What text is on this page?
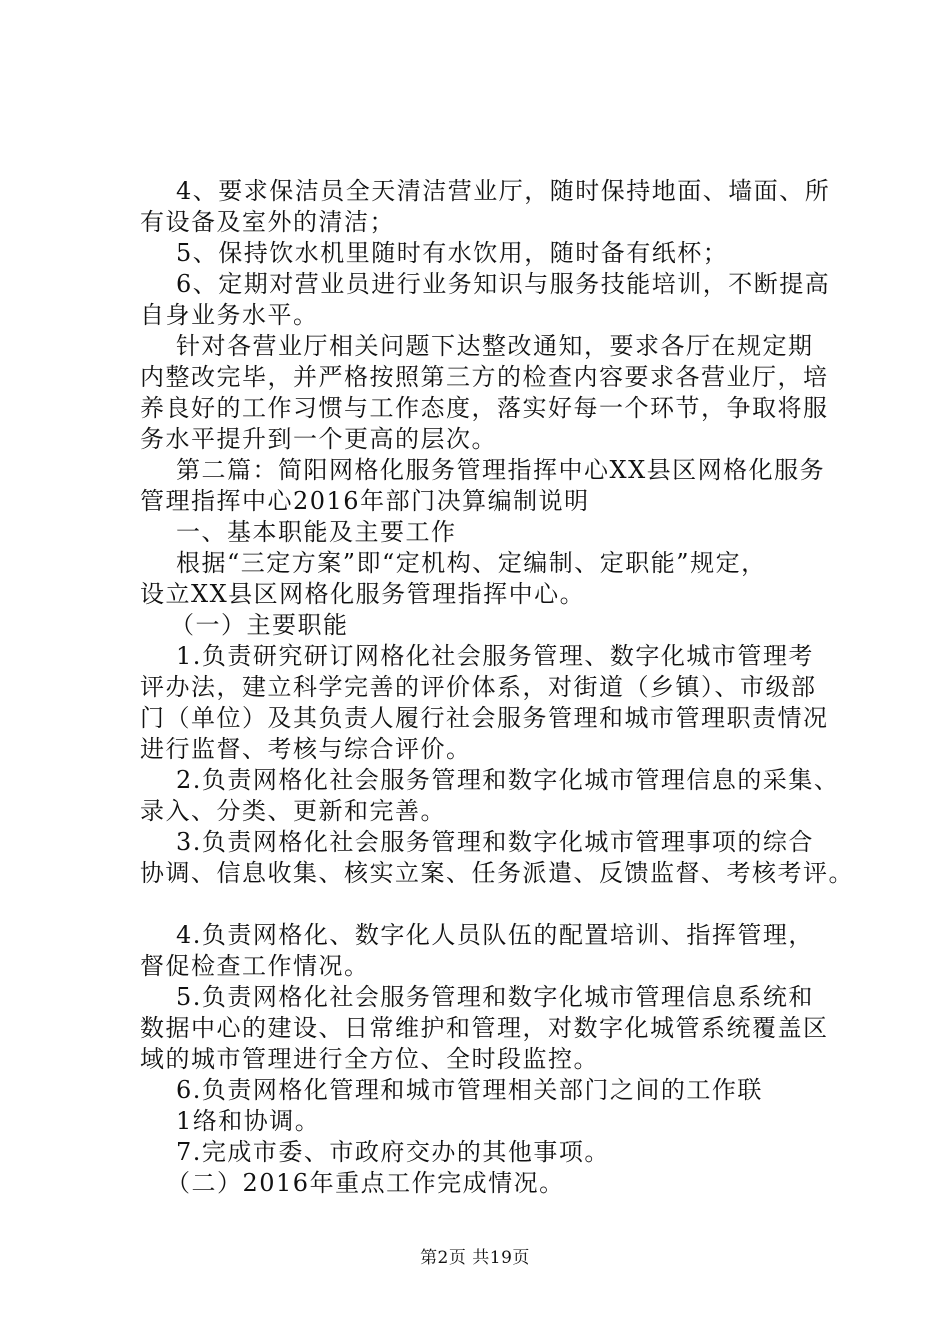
4、要求保洁员全天清洁营业厅，随时保持地面、墙面、所

有设备及室外的清洁；

5、保持饮水机里随时有水饮用，随时备有纸杯；

6、定期对营业员进行业务知识与服务技能培训，不断提高

自身业务水平。

针对各营业厅相关问题下达整改通知，要求各厅在规定期

内整改完毕，并严格按照第三方的检查内容要求各营业厅，培

养良好的工作习惯与工作态度，落实好每一个环节，争取将服

务水平提升到一个更高的层次。

第二篇：简阳网格化服务管理指挥中心XX县区网格化服务

管理指挥中心2016年部门决算编制说明

一、基本职能及主要工作

根据“三定方案”即“定机构、定编制、定职能”规定，

设立XX县区网格化服务管理指挥中心。

（一）主要职能

1.负责研究研订网格化社会服务管理、数字化城市管理考

评办法，建立科学完善的评价体系，对街道（乡镇）、市级部

门（单位）及其负责人履行社会服务管理和城市管理职责情况

进行监督、考核与综合评价。

2.负责网格化社会服务管理和数字化城市管理信息的采集、

录入、分类、更新和完善。

3.负责网格化社会服务管理和数字化城市管理事项的综合

协调、信息收集、核实立案、任务派遣、反馈监督、考核考评。

4.负责网格化、数字化人员队伍的配置培训、指挥管理，

督促检查工作情况。

5.负责网格化社会服务管理和数字化城市管理信息系统和

数据中心的建设、日常维护和管理，对数字化城管系统覆盖区

域的城市管理进行全方位、全时段监控。

6.负责网格化管理和城市管理相关部门之间的工作联

1络和协调。

7.完成市委、市政府交办的其他事项。

（二）2016年重点工作完成情况。

第2页 共19页
